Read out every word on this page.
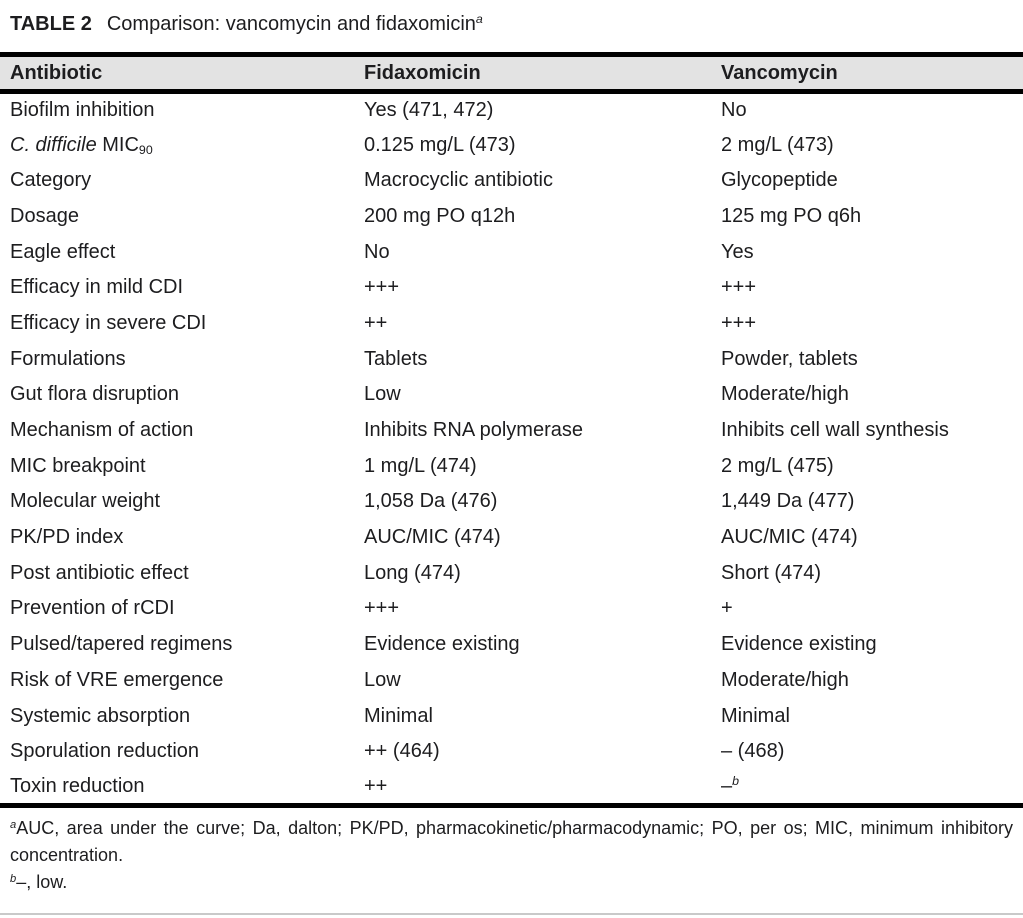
TABLE 2 Comparison: vancomycin and fidaxomicin$^a$
Antibiotic	Fidaxomicin	Vancomycin
Biofilm inhibition	Yes (471, 472)	No
C. difficile $MIC_{90}$	0.125 mg/L (473)	2 mg/L (473)
Category	Macrocyclic antibiotic	Glycopeptide
Dosage	200 mg PO q12h	125 mg PO q6h
Eagle effect	No	Yes
Efficacy in mild CDI	+++	+++
Efficacy in severe CDI	++	+++
Formulations	Tablets	Powder, tablets
Gut flora disruption	Low	Moderate/high
Mechanism of action	Inhibits RNA polymerase	Inhibits cell wall synthesis
MIC breakpoint	1 mg/L (474)	2 mg/L (475)
Molecular weight	1,058 Da (476)	1,449 Da (477)
PK/PD index	AUC/MIC (474)	AUC/MIC (474)
Post antibiotic effect	Long (474)	Short (474)
Prevention of rCDI	+++	+
Pulsed/tapered regimens	Evidence existing	Evidence existing
Risk of VRE emergence	Low	Moderate/high
Systemic absorption	Minimal	Minimal
Sporulation reduction	++ (464)	– (468)
Toxin reduction	++	–$^b$

$^a$AUC, area under the curve; Da, dalton; PK/PD, pharmacokinetic/pharmacodynamic; PO, per os; MIC, minimum inhibitory concentration.

$^b$–, low.
